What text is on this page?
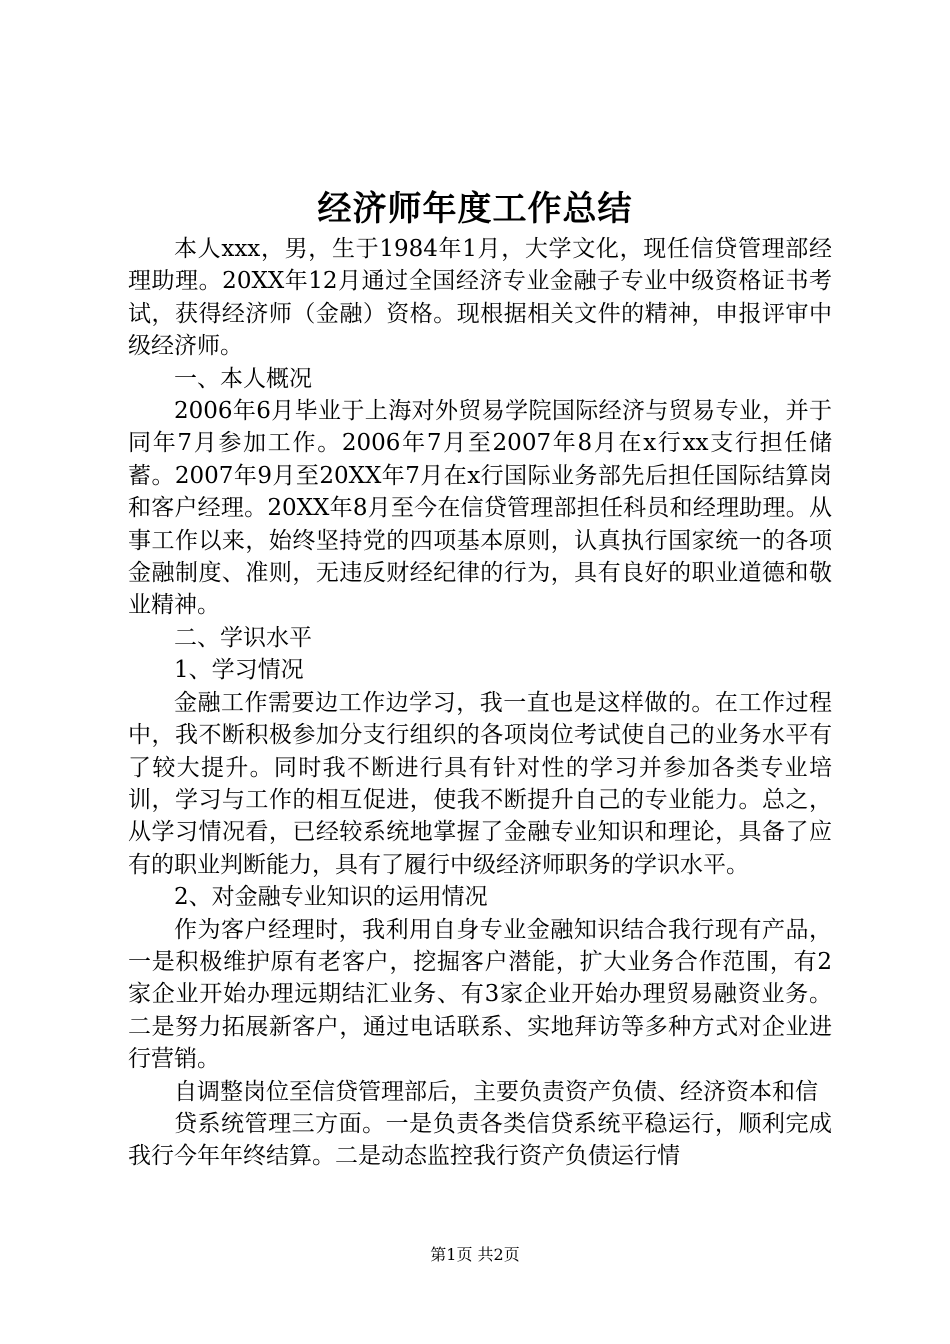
经济师年度工作总结

本人xxx，男，生于1984年1月，大学文化，现任信贷管理部经理助理。20XX年12月通过全国经济专业金融子专业中级资格证书考试，获得经济师（金融）资格。现根据相关文件的精神，申报评审中级经济师。

一、本人概况

2006年6月毕业于上海对外贸易学院国际经济与贸易专业，并于同年7月参加工作。2006年7月至2007年8月在x行xx支行担任储蓄。2007年9月至20XX年7月在x行国际业务部先后担任国际结算岗和客户经理。20XX年8月至今在信贷管理部担任科员和经理助理。从事工作以来，始终坚持党的四项基本原则，认真执行国家统一的各项金融制度、准则，无违反财经纪律的行为，具有良好的职业道德和敬业精神。

二、学识水平

1、学习情况

金融工作需要边工作边学习，我一直也是这样做的。在工作过程中，我不断积极参加分支行组织的各项岗位考试使自己的业务水平有了较大提升。同时我不断进行具有针对性的学习并参加各类专业培训，学习与工作的相互促进，使我不断提升自己的专业能力。总之，从学习情况看，已经较系统地掌握了金融专业知识和理论，具备了应有的职业判断能力，具有了履行中级经济师职务的学识水平。

2、对金融专业知识的运用情况

作为客户经理时，我利用自身专业金融知识结合我行现有产品，一是积极维护原有老客户，挖掘客户潜能，扩大业务合作范围，有2家企业开始办理远期结汇业务、有3家企业开始办理贸易融资业务。二是努力拓展新客户，通过电话联系、实地拜访等多种方式对企业进行营销。

自调整岗位至信贷管理部后，主要负责资产负债、经济资本和信

贷系统管理三方面。一是负责各类信贷系统平稳运行，顺利完成我行今年年终结算。二是动态监控我行资产负债运行情

第1页 共2页
